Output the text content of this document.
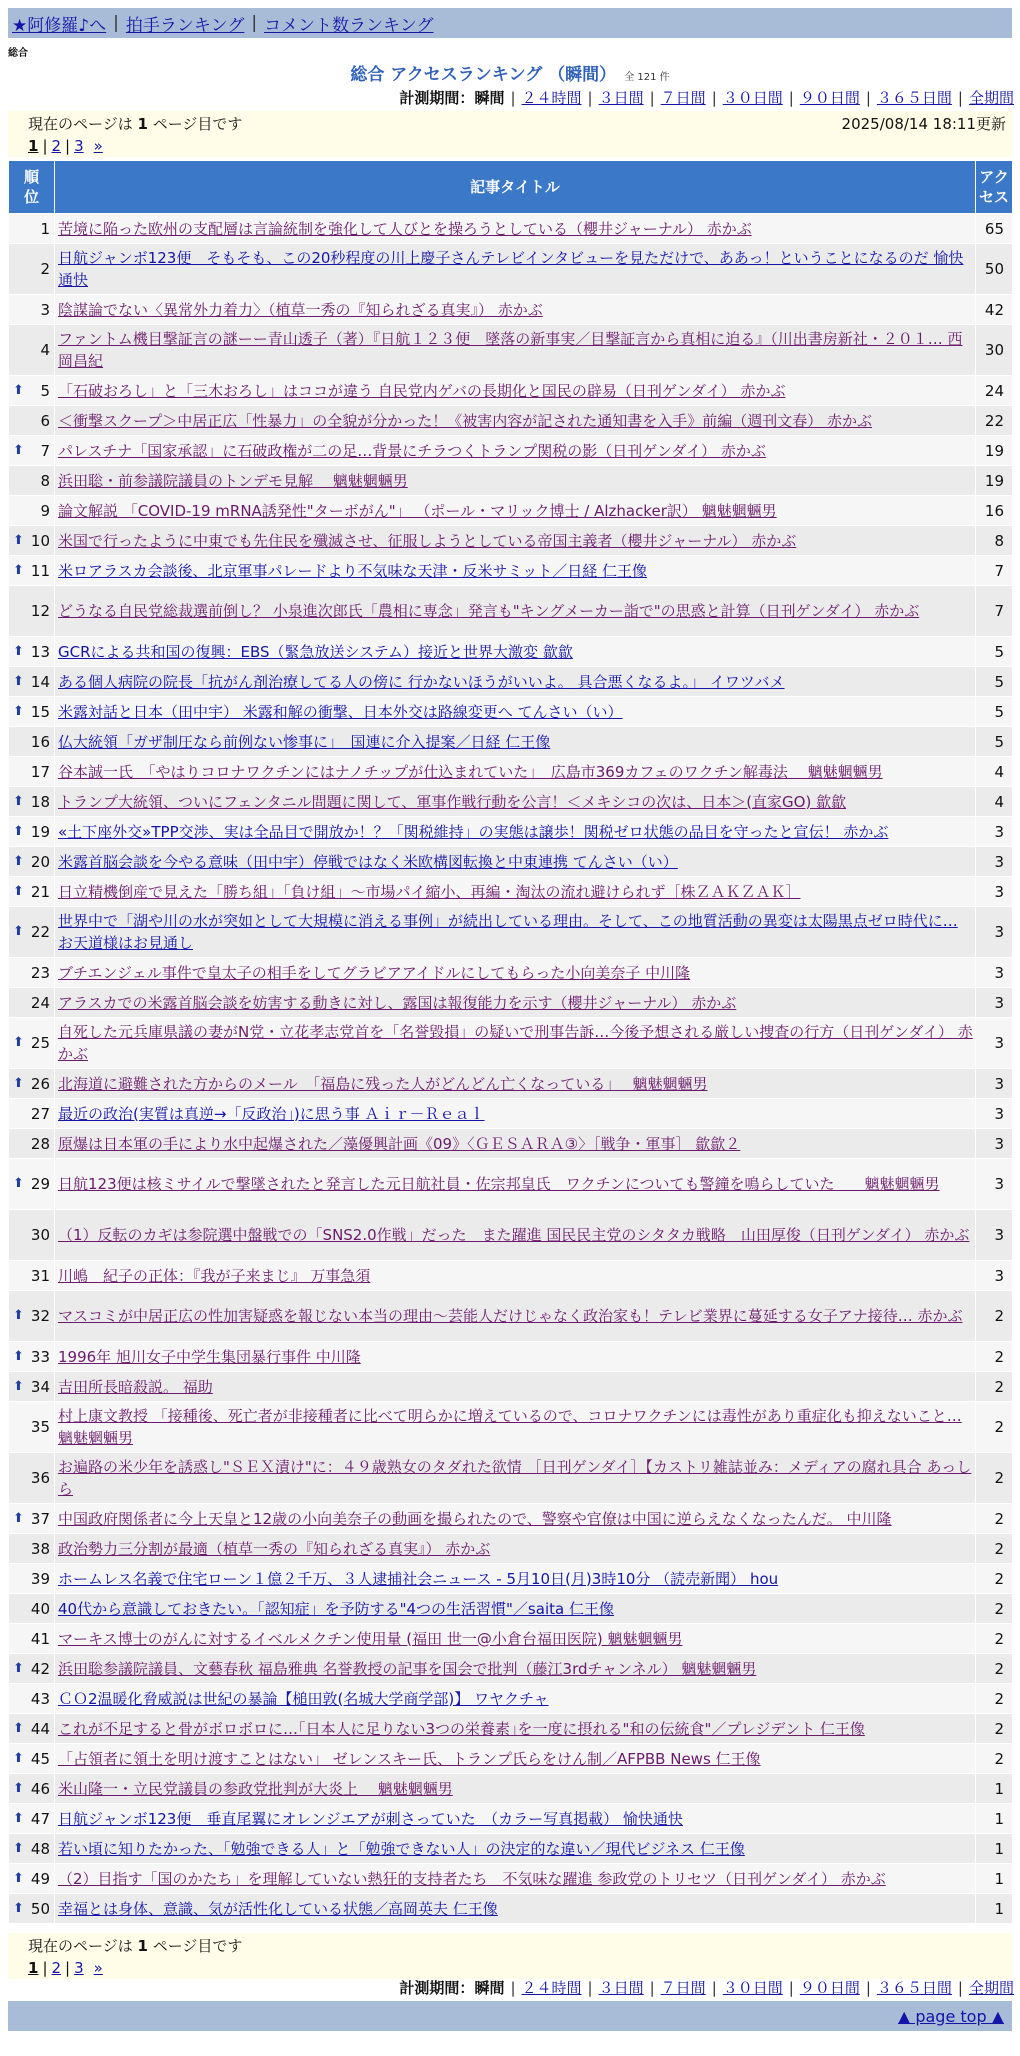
★阿修羅♪へ | 拍手ランキング | コメント数ランキング
総合
総合 アクセスランキング （瞬間） 全 121 件
計測期間： 瞬間 | ２４時間 | ３日間 | ７日間 | ３０日間 | ９０日間 | ３６５日間 | 全期間
現在のページは 1 ページ目です	2025/08/14 18:11更新
1 | 2 | 3 »
順位	記事タイトル	アクセス

1	苦境に陥った欧州の支配層は言論統制を強化して人びとを操ろうとしている（櫻井ジャーナル） 赤かぶ	65
2	日航ジャンボ123便　そもそも、この20秒程度の川上慶子さんテレビインタビューを見ただけで、ああっ！ということになるのだ 愉快通快	50
3	陰謀論でない〈異常外力着力〉（植草一秀の『知られざる真実』） 赤かぶ	42
4	ファントム機目撃証言の謎ーー青山透子（著）『日航１２３便　墜落の新事実／目撃証言から真相に迫る』（川出書房新社・２０１… 西岡昌紀	30

⬆ 5	「石破おろし」と「三木おろし」はココが違う 自民党内ゲバの長期化と国民の辟易（日刊ゲンダイ） 赤かぶ	24
6	＜衝撃スクープ＞中居正広「性暴力」の全貌が分かった！《被害内容が記された通知書を入手》前編（週刊文春） 赤かぶ	22

⬆ 7	パレスチナ「国家承認」に石破政権が二の足…背景にチラつくトランプ関税の影（日刊ゲンダイ） 赤かぶ	19
8	浜田聡・前参議院議員のトンデモ見解　 魑魅魍魎男	19
9	論文解説 「COVID-19 mRNA誘発性"ターボがん"」 （ポール・マリック博士 / Alzhacker訳） 魑魅魍魎男	16

⬆ 10	米国で行ったように中東でも先住民を殲滅させ、征服しようとしている帝国主義者（櫻井ジャーナル） 赤かぶ	8

⬆ 11	米ロアラスカ会談後、北京軍事パレードより不気味な天津・反米サミット／日経 仁王像	7
12	どうなる自民党総裁選前倒し？ 小泉進次郎氏「農相に専念」発言も"キングメーカー詣で"の思惑と計算（日刊ゲンダイ） 赤かぶ	7

⬆ 13	GCRによる共和国の復興：EBS（緊急放送システム）接近と世界大激変 歙歙	5

⬆ 14	ある個人病院の院長「抗がん剤治療してる人の傍に 行かないほうがいいよ。 具合悪くなるよ。」 イワツバメ	5

⬆ 15	米露対話と日本（田中宇） 米露和解の衝撃、日本外交は路線変更へ てんさい（い）	5
16	仏大統領「ガザ制圧なら前例ない惨事に」　国連に介入提案／日経 仁王像	5
17	谷本誠一氏　「やはりコロナワクチンにはナノチップが仕込まれていた」　広島市369カフェのワクチン解毒法　 魑魅魍魎男	4

⬆ 18	トランプ大統領、ついにフェンタニル問題に関して、軍事作戦行動を公言！＜メキシコの次は、日本＞(直家GO) 歙歙	4

⬆ 19	«土下座外交»TPP交渉、実は全品目で開放か！？「関税維持」の実態は譲歩！関税ゼロ状態の品目を守ったと宣伝！ 赤かぶ	3

⬆ 20	米露首脳会談を今やる意味（田中宇）停戦ではなく米欧構図転換と中東連携 てんさい（い）	3

⬆ 21	日立精機倒産で見えた「勝ち組」「負け組」〜市場パイ縮小、再編・淘汰の流れ避けられず［株ＺＡＫＺＡＫ］	3

⬆ 22	世界中で「湖や川の水が突如として大規模に消える事例」が続出している理由。そして、この地質活動の異変は太陽黒点ゼロ時代に… お天道様はお見通し	3
23	ブチエンジェル事件で皇太子の相手をしてグラビアアイドルにしてもらった小向美奈子 中川隆	3
24	アラスカでの米露首脳会談を妨害する動きに対し、露国は報復能力を示す（櫻井ジャーナル） 赤かぶ	3

⬆ 25	自死した元兵庫県議の妻がN党・立花孝志党首を「名誉毀損」の疑いで刑事告訴…今後予想される厳しい捜査の行方（日刊ゲンダイ） 赤かぶ	3

⬆ 26	北海道に避難された方からのメール　「福島に残った人がどんどん亡くなっている」　 魑魅魍魎男	3
27	最近の政治(実質は真逆→「反政治」)に思う事 Ａｉｒ－Ｒｅａｌ	3
28	原爆は日本軍の手により水中起爆された／藻優興計画《09》〈ＧＥＳＡＲＡ③〉［戦争・軍事］ 歙歙２	3

⬆ 29	日航123便は核ミサイルで撃墜されたと発言した元日航社員・佐宗邦皇氏　ワクチンについても警鐘を鳴らしていた　　魑魅魍魎男	3
30	（1）反転のカギは参院選中盤戦での「SNS2.0作戦」だった　また躍進 国民民主党のシタタカ戦略　山田厚俊（日刊ゲンダイ） 赤かぶ	3
31	川嶋　紀子の正体：『我が子来まじ』 万事急須	3

⬆ 32	マスコミが中居正広の性加害疑惑を報じない本当の理由〜芸能人だけじゃなく政治家も！テレビ業界に蔓延する女子アナ接待… 赤かぶ	2

⬆ 33	1996年 旭川女子中学生集団暴行事件 中川隆	2

⬆ 34	吉田所長暗殺説。 福助	2
35	村上康文教授 「接種後、死亡者が非接種者に比べて明らかに増えているので、コロナワクチンには毒性があり重症化も抑えないこと… 魑魅魍魎男	2
36	お遍路の米少年を誘惑し"ＳＥＸ漬け"に：４９歳熟女のタダれた欲情 ［日刊ゲンダイ］【カストリ雑誌並み：メディアの腐れ具合 あっしら	2

⬆ 37	中国政府関係者に今上天皇と12歳の小向美奈子の動画を撮られたので、警察や官僚は中国に逆らえなくなったんだ。 中川隆	2
38	政治勢力三分割が最適（植草一秀の『知られざる真実』） 赤かぶ	2
39	ホームレス名義で住宅ローン１億２千万、３人逮捕社会ニュース - 5月10日(月)3時10分 （読売新聞） hou	2
40	40代から意識しておきたい。「認知症」を予防する"4つの生活習慣"／saita 仁王像	2
41	マーキス博士のがんに対するイベルメクチン使用量 (福田 世一@小倉台福田医院) 魑魅魍魎男	2

⬆ 42	浜田聡参議院議員、文藝春秋 福島雅典 名誉教授の記事を国会で批判（藤江3rdチャンネル） 魑魅魍魎男	2
43	ＣＯ2温暖化脅威説は世紀の暴論【槌田敦(名城大学商学部)】 ワヤクチャ	2

⬆ 44	これが不足すると骨がボロボロに…｢日本人に足りない3つの栄養素｣を一度に摂れる"和の伝統食"／プレジデント 仁王像	2

⬆ 45	「占領者に領土を明け渡すことはない」 ゼレンスキー氏、トランプ氏らをけん制／AFPBB News 仁王像	2

⬆ 46	米山隆一・立民党議員の参政党批判が大炎上　 魑魅魍魎男	1

⬆ 47	日航ジャンボ123便　垂直尾翼にオレンジエアが刺さっていた　（カラー写真掲載） 愉快通快	1

⬆ 48	若い頃に知りたかった、「勉強できる人」と「勉強できない人」の決定的な違い／現代ビジネス 仁王像	1

⬆ 49	（2）目指す「国のかたち」を理解していない熱狂的支持者たち　不気味な躍進 参政党のトリセツ（日刊ゲンダイ） 赤かぶ	1

⬆ 50	幸福とは身体、意識、気が活性化している状態／高岡英夫 仁王像	1
現在のページは 1 ページ目です
1 | 2 | 3 »
計測期間： 瞬間 | ２４時間 | ３日間 | ７日間 | ３０日間 | ９０日間 | ３６５日間 | 全期間
▲ page top ▲
